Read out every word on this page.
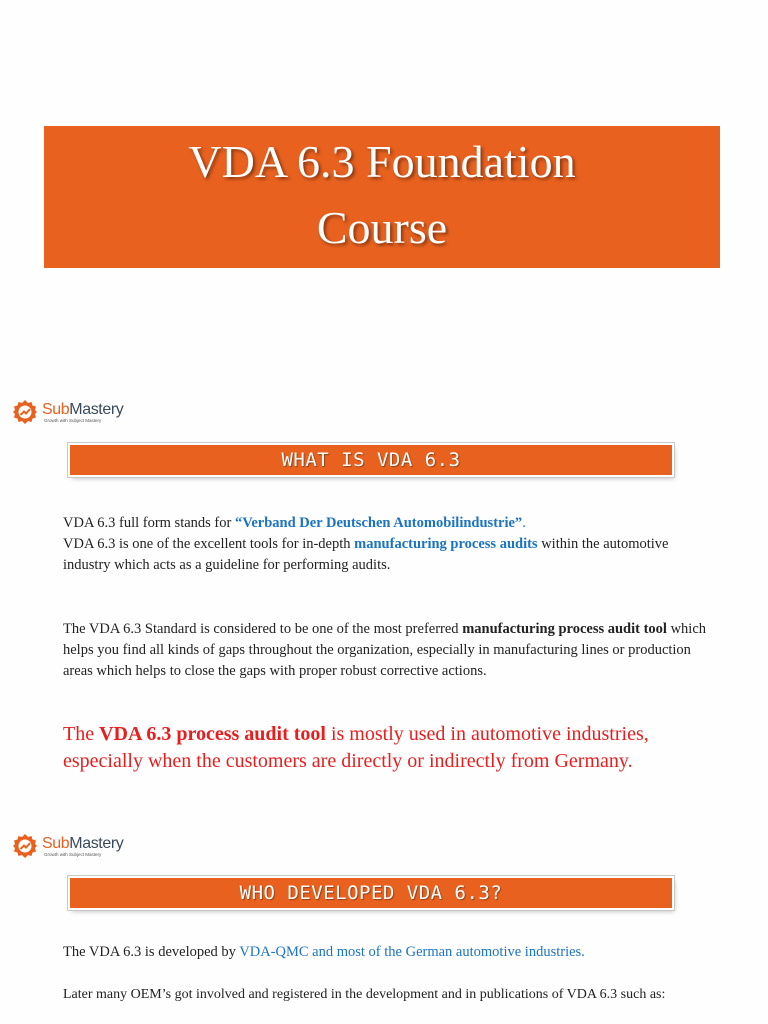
VDA 6.3 Foundation
Course
SubMastery
Growth with Subject Mastery
WHAT IS VDA 6.3
VDA 6.3 full form stands for “Verband Der Deutschen Automobilindustrie”.
VDA 6.3 is one of the excellent tools for in-depth manufacturing process audits within the automotive industry which acts as a guideline for performing audits.
The VDA 6.3 Standard is considered to be one of the most preferred manufacturing process audit tool which helps you find all kinds of gaps throughout the organization, especially in manufacturing lines or production areas which helps to close the gaps with proper robust corrective actions.
The VDA 6.3 process audit tool is mostly used in automotive industries, especially when the customers are directly or indirectly from Germany.
SubMastery
Growth with Subject Mastery
WHO DEVELOPED VDA 6.3?
The VDA 6.3 is developed by VDA-QMC and most of the German automotive industries.
Later many OEM’s got involved and registered in the development and in publications of VDA 6.3 such as:
